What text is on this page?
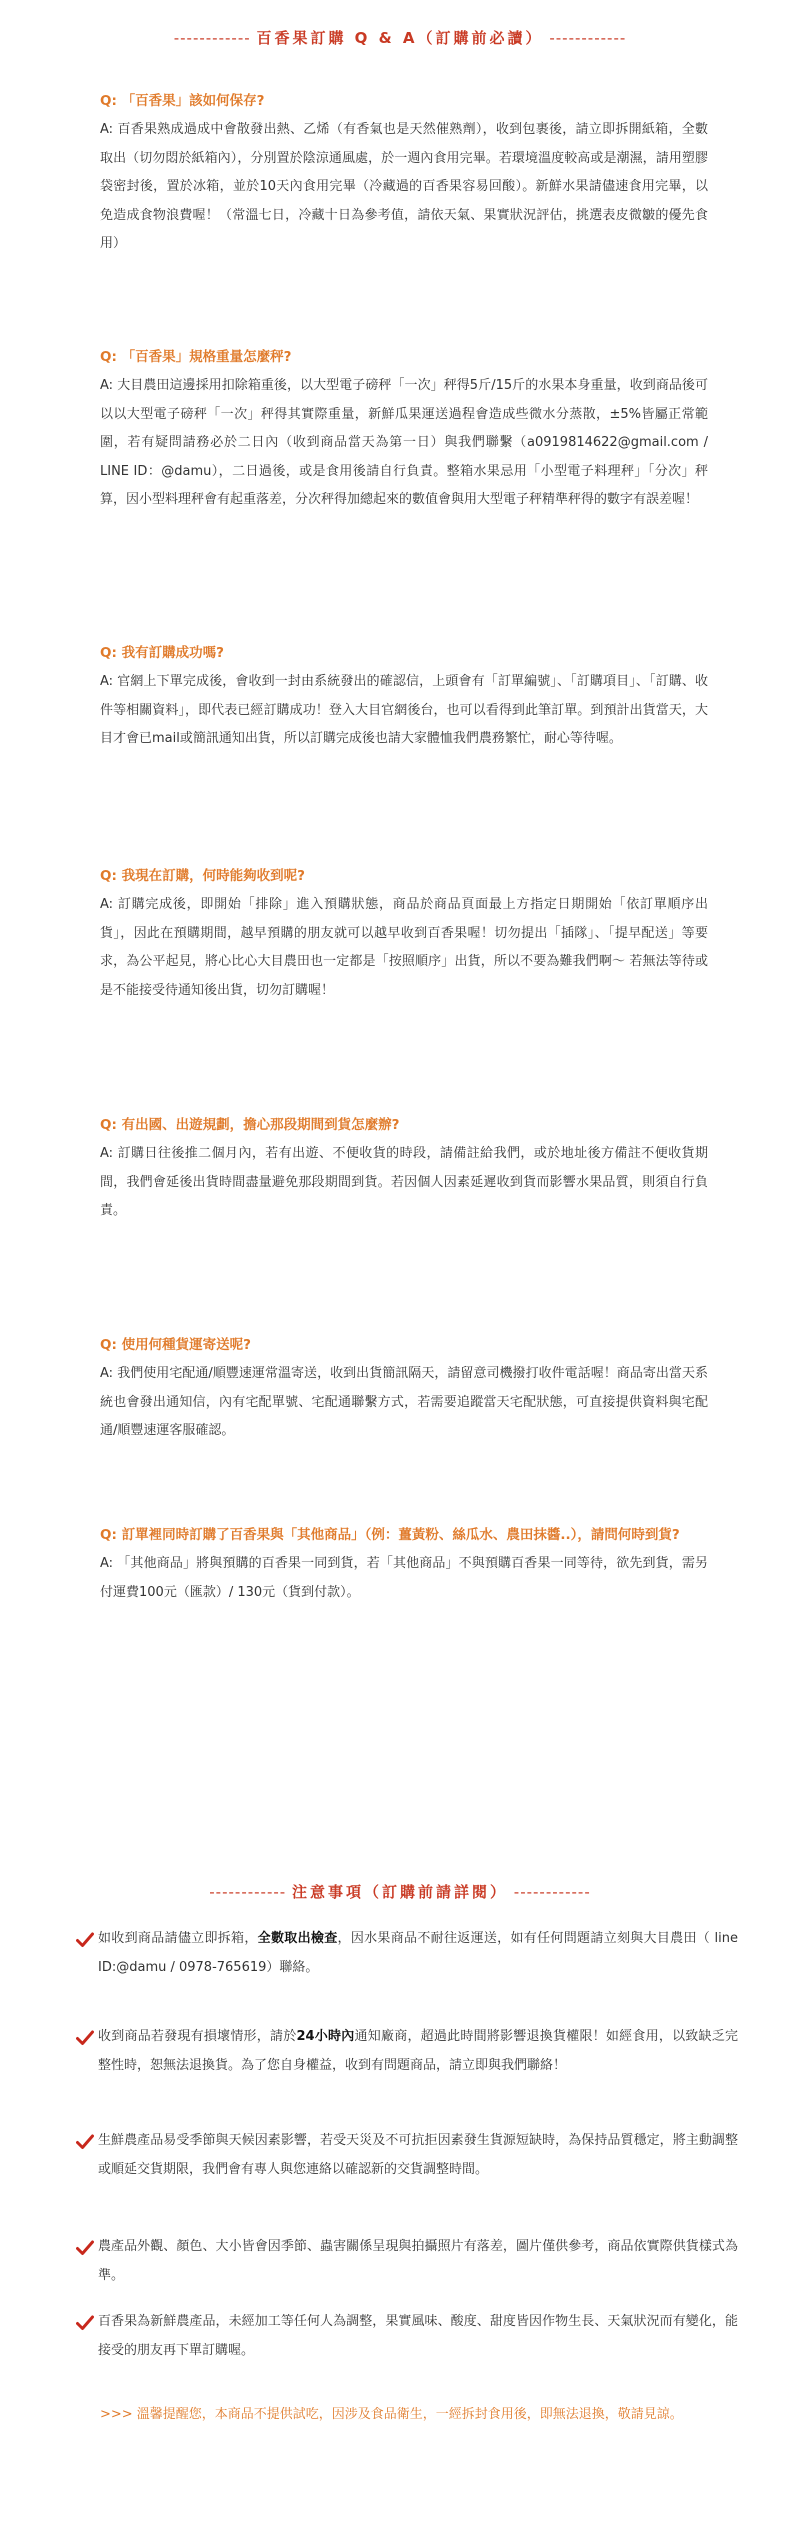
------------ 百香果訂購 Q & A（訂購前必讀） ------------

Q: 「百香果」該如何保存?

A: 百香果熟成過成中會散發出熱、乙烯（有香氣也是天然催熟劑），收到包裹後，請立即拆開紙箱，全數取出（切勿悶於紙箱內），分別置於陰涼通風處，於一週內食用完畢。若環境溫度較高或是潮濕，請用塑膠袋密封後，置於冰箱，並於10天內食用完畢（冷藏過的百香果容易回酸）。新鮮水果請儘速食用完畢，以免造成食物浪費喔！（常溫七日，冷藏十日為參考值，請依天氣、果實狀況評估，挑選表皮微皺的優先食用）

Q: 「百香果」規格重量怎麼秤?

A: 大目農田這邊採用扣除箱重後，以大型電子磅秤「一次」秤得5斤/15斤的水果本身重量，收到商品後可以以大型電子磅秤「一次」秤得其實際重量，新鮮瓜果運送過程會造成些微水分蒸散，±5%皆屬正常範圍，若有疑問請務必於二日內（收到商品當天為第一日）與我們聯繫（a0919814622@gmail.com / LINE ID：@damu），二日過後，或是食用後請自行負責。整箱水果忌用「小型電子料理秤」「分次」秤算，因小型料理秤會有起重落差，分次秤得加總起來的數值會與用大型電子秤精準秤得的數字有誤差喔！

Q: 我有訂購成功嗎?

A: 官網上下單完成後，會收到一封由系統發出的確認信，上頭會有「訂單編號」、「訂購項目」、「訂購、收件等相關資料」，即代表已經訂購成功！登入大目官網後台，也可以看得到此筆訂單。到預計出貨當天，大目才會已mail或簡訊通知出貨，所以訂購完成後也請大家體恤我們農務繁忙，耐心等待喔。

Q: 我現在訂購，何時能夠收到呢?

A: 訂購完成後，即開始「排除」進入預購狀態，商品於商品頁面最上方指定日期開始「依訂單順序出貨」，因此在預購期間，越早預購的朋友就可以越早收到百香果喔！切勿提出「插隊」、「提早配送」等要求，為公平起見，將心比心大目農田也一定都是「按照順序」出貨，所以不要為難我們啊～ 若無法等待或是不能接受待通知後出貨，切勿訂購喔！

Q: 有出國、出遊規劃，擔心那段期間到貨怎麼辦?

A: 訂購日往後推二個月內，若有出遊、不便收貨的時段，請備註給我們，或於地址後方備註不便收貨期間，我們會延後出貨時間盡量避免那段期間到貨。若因個人因素延遲收到貨而影響水果品質，則須自行負責。

Q: 使用何種貨運寄送呢?

A: 我們使用宅配通/順豐速運常溫寄送，收到出貨簡訊隔天，請留意司機撥打收件電話喔！商品寄出當天系統也會發出通知信，內有宅配單號、宅配通聯繫方式，若需要追蹤當天宅配狀態，可直接提供資料與宅配通/順豐速運客服確認。

Q: 訂單裡同時訂購了百香果與「其他商品」（例：薑黃粉、絲瓜水、農田抹醬..），請問何時到貨?

A: 「其他商品」將與預購的百香果一同到貨，若「其他商品」不與預購百香果一同等待，欲先到貨，需另付運費100元（匯款）/ 130元（貨到付款）。

------------ 注意事項（訂購前請詳閱） ------------

如收到商品請儘立即拆箱，全數取出檢查，因水果商品不耐往返運送，如有任何問題請立刻與大目農田（ line ID:@damu / 0978-765619）聯絡。

收到商品若發現有損壞情形，請於24小時內通知廠商，超過此時間將影響退換貨權限！如經食用，以致缺乏完整性時，恕無法退換貨。為了您自身權益，收到有問題商品，請立即與我們聯絡！

生鮮農產品易受季節與天候因素影響，若受天災及不可抗拒因素發生貨源短缺時，為保持品質穩定，將主動調整或順延交貨期限，我們會有專人與您連絡以確認新的交貨調整時間。

農產品外觀、顏色、大小皆會因季節、蟲害關係呈現與拍攝照片有落差，圖片僅供參考，商品依實際供貨樣式為準。

百香果為新鮮農產品，未經加工等任何人為調整，果實風味、酸度、甜度皆因作物生長、天氣狀況而有變化，能接受的朋友再下單訂購喔。

>>> 溫馨提醒您，本商品不提供試吃，因涉及食品衛生，一經拆封食用後，即無法退換，敬請見諒。
